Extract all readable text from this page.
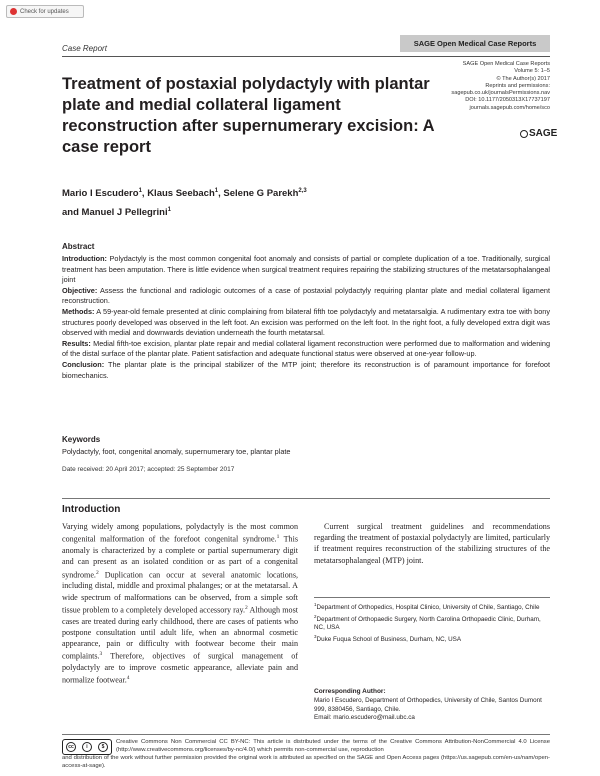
Check for updates
Case Report
SAGE Open Medical Case Reports
SAGE Open Medical Case Reports
Volume 5: 1–5
© The Author(s) 2017
Reprints and permissions:
sagepub.co.uk/journalsPermissions.nav
DOI: 10.1177/2050313X17737197
journals.sagepub.com/home/sco
SAGE
Treatment of postaxial polydactyly with plantar plate and medial collateral ligament reconstruction after supernumerary excision: A case report
Mario I Escudero$^1$, Klaus Seebach$^1$, Selene G Parekh$^{2,3}$
and Manuel J Pellegrini$^1$
Abstract

Introduction: Polydactyly is the most common congenital foot anomaly and consists of partial or complete duplication of a toe. Traditionally, surgical treatment has been amputation. There is little evidence when surgical treatment requires repairing the stabilizing structures of the metatarsophalangeal joint

Objective: Assess the functional and radiologic outcomes of a case of postaxial polydactyly requiring plantar plate and medial collateral ligament reconstruction.

Methods: A 59-year-old female presented at clinic complaining from bilateral fifth toe polydactyly and metatarsalgia. A rudimentary extra toe with bony structures poorly developed was observed in the left foot. An excision was performed on the left foot. In the right foot, a fully developed extra digit was observed with medial and downwards deviation underneath the fourth metatarsal.

Results: Medial fifth-toe excision, plantar plate repair and medial collateral ligament reconstruction were performed due to malformation and widening of the distal surface of the plantar plate. Patient satisfaction and adequate functional status were observed at one-year follow-up.

Conclusion: The plantar plate is the principal stabilizer of the MTP joint; therefore its reconstruction is of paramount importance for forefoot biomechanics.

Keywords
Polydactyly, foot, congenital anomaly, supernumerary toe, plantar plate
Date received: 20 April 2017; accepted: 25 September 2017
Introduction
Varying widely among populations, polydactyly is the most common congenital malformation of the forefoot congenital syndrome.$^1$ This anomaly is characterized by a complete or partial supernumerary digit and can present as an isolated condition or as part of a congenital syndrome.$^2$ Duplication can occur at several anatomic locations, including distal, middle and proximal phalanges; or at the metatarsal. A wide spectrum of malformations can be observed, from a simple soft tissue problem to a completely developed accessory ray.$^2$ Although most cases are treated during early childhood, there are cases of patients who postpone consultation until adult life, when an abnormal cosmetic appearance, pain or difficulty with footwear become their main complaints.$^3$ Therefore, objectives of surgical management of polydactyly are to improve cosmetic appearance, alleviate pain and normalize footwear.$^4$
Current surgical treatment guidelines and recommendations regarding the treatment of postaxial polydactyly are limited, particularly if treatment requires reconstruction of the stabilizing structures of the metatarsophalangeal (MTP) joint.

$^1$Department of Orthopedics, Hospital Clinico, University of Chile, Santiago, Chile

$^2$Department of Orthopaedic Surgery, North Carolina Orthopaedic Clinic, Durham, NC, USA

$^3$Duke Fuqua School of Business, Durham, NC, USA

Corresponding Author:
Mario I Escudero, Department of Orthopedics, University of Chile, Santos Dumont 999, 8380456, Santiago, Chile.
Email: mario.escudero@mail.ubc.ca
cc	i	$
Creative Commons Non Commercial CC BY-NC: This article is distributed under the terms of the Creative Commons Attribution-NonCommercial 4.0 License (http://www.creativecommons.org/licenses/by-nc/4.0/) which permits non-commercial use, reproduction
and distribution of the work without further permission provided the original work is attributed as specified on the SAGE and Open Access pages (https://us.sagepub.com/en-us/nam/open-access-at-sage).
